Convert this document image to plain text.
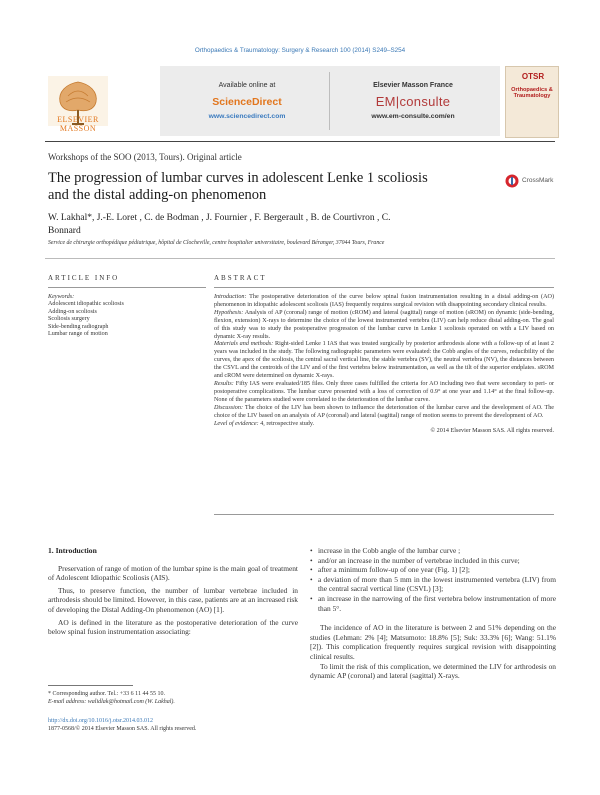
Orthopaedics & Traumatology: Surgery & Research 100 (2014) S249–S254
ELSEVIER
MASSON
Available online at
ScienceDirect
www.sciencedirect.com
Elsevier Masson France
EM|consulte
www.em-consulte.com/en
OTSR
Orthopaedics & Traumatology
Workshops of the SOO (2013, Tours). Original article
The progression of lumbar curves in adolescent Lenke 1 scoliosis and the distal adding-on phenomenon
CrossMark
W. Lakhal*, J.-E. Loret , C. de Bodman , J. Fournier , F. Bergerault , B. de Courtivron , C. Bonnard
Service de chirurgie orthopédique pédiatrique, hôpital de Clocheville, centre hospitalier universitaire, boulevard Béranger, 37044 Tours, France
ARTICLE INFO	ABSTRACT
Keywords:
Adolescent idiopathic scoliosis
Adding-on scoliosis
Scoliosis surgery
Side-bending radiograph
Lumbar range of motion

Introduction: The postoperative deterioration of the curve below spinal fusion instrumentation resulting in a distal adding-on (AO) phenomenon in idiopathic adolescent scoliosis (IAS) frequently requires surgical revision with disappointing secondary clinical results.

Hypothesis: Analysis of AP (coronal) range of motion (cROM) and lateral (sagittal) range of motion (sROM) on dynamic (side-bending, flexion, extension) X-rays to determine the choice of the lowest instrumented vertebra (LIV) can help reduce distal adding-on. The goal of this study was to study the postoperative progression of the lumbar curve in Lenke 1 scoliosis operated on with a LIV based on dynamic X-ray results.

Materials and methods: Right-sided Lenke 1 IAS that was treated surgically by posterior arthrodesis alone with a follow-up of at least 2 years was included in the study. The following radiographic parameters were evaluated: the Cobb angles of the curves, reducibility of the curves, the apex of the scoliosis, the central sacral vertical line, the stable vertebra (SV), the neutral vertebra (NV), the distances between the CSVL and the centroids of the LIV and of the first vertebra below instrumentation, as well as the tilt of the superior endplates. sROM and cROM were determined on dynamic X-rays.

Results: Fifty IAS were evaluated/185 files. Only three cases fulfilled the criteria for AO including two that were secondary to peri- or postoperative complications. The lumbar curve presented with a loss of correction of 0.9° at one year and 1.14° at the final follow-up. None of the parameters studied were correlated to the deterioration of the lumbar curve.

Discussion: The choice of the LIV has been shown to influence the deterioration of the lumbar curve and the development of AO. The choice of the LIV based on an analysis of AP (coronal) and lateral (sagittal) range of motion seems to prevent the development of AO.

Level of evidence: 4, retrospective study.

© 2014 Elsevier Masson SAS. All rights reserved.

1. Introduction

Preservation of range of motion of the lumbar spine is the main goal of treatment of Adolescent Idiopathic Scoliosis (AIS).

Thus, to preserve function, the number of lumbar vertebrae included in arthrodesis should be limited. However, in this case, patients are at an increased risk of developing the Distal Adding-On phenomenon (AO) [1].

AO is defined in the literature as the postoperative deterioration of the curve below spinal fusion instrumentation associating:

• increase in the Cobb angle of the lumbar curve ;
• and/or an increase in the number of vertebrae included in this curve;
• after a minimum follow-up of one year (Fig. 1) [2];
• a deviation of more than 5 mm in the lowest instrumented vertebra (LIV) from the central sacral vertical line (CSVL) [3];
• an increase in the narrowing of the first vertebra below instrumentation of more than 5°.

The incidence of AO in the literature is between 2 and 51% depending on the studies (Lehman: 2% [4]; Matsumoto: 18.8% [5]; Suk: 33.3% [6]; Wang: 51.1% [2]). This complication frequently requires surgical revision with disappointing clinical results.

To limit the risk of this complication, we determined the LIV for arthrodesis on dynamic AP (coronal) and lateral (sagittal) X-rays.

* Corresponding author. Tel.: +33 6 11 44 55 10.
E-mail address: walidlak@hotmail.com (W. Lakhal).
http://dx.doi.org/10.1016/j.otsr.2014.03.012
1877-0568/© 2014 Elsevier Masson SAS. All rights reserved.
